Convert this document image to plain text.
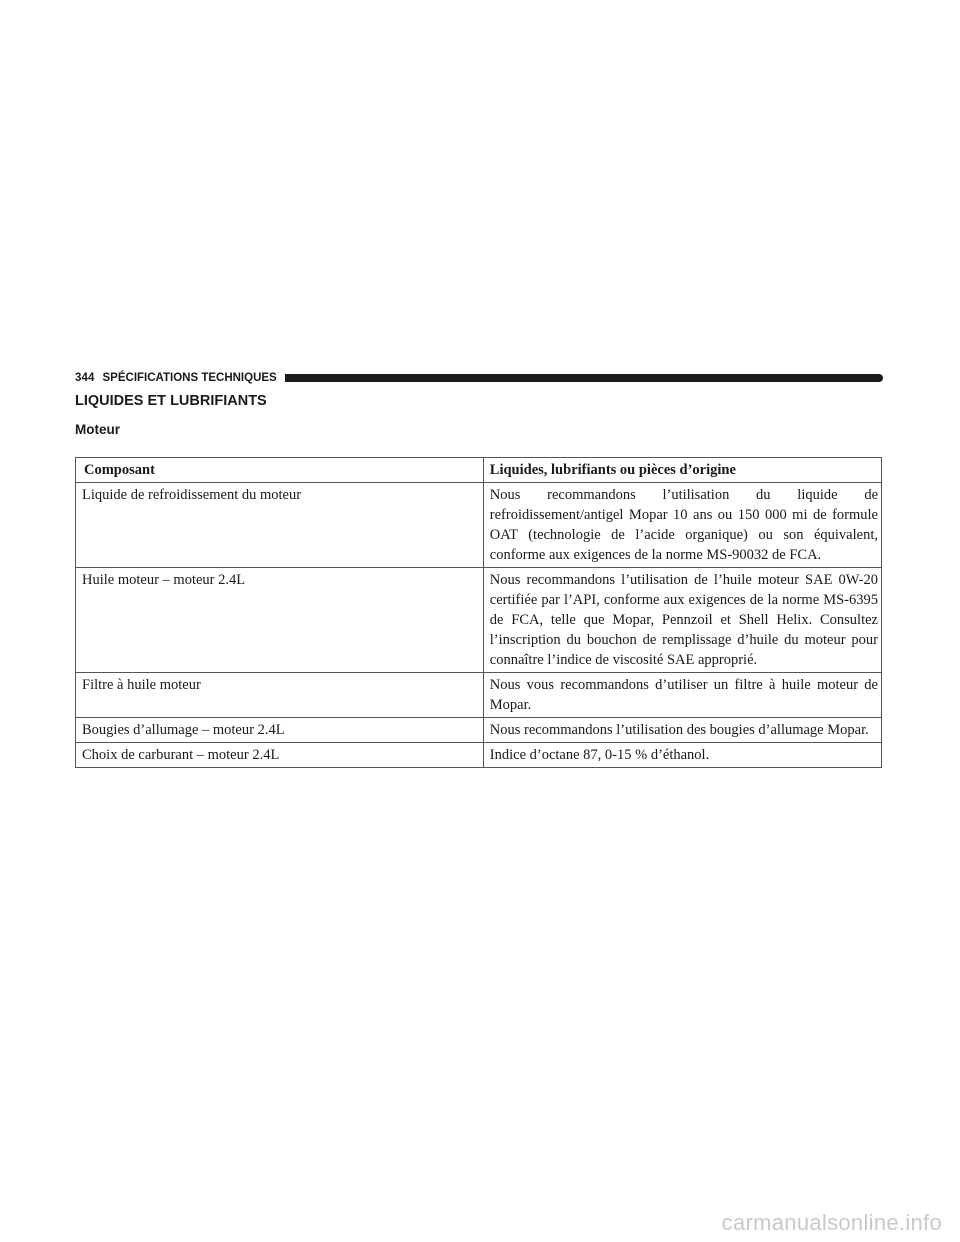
344 SPÉCIFICATIONS TECHNIQUES
LIQUIDES ET LUBRIFIANTS
Moteur
Composant	Liquides, lubrifiants ou pièces d’origine
Liquide de refroidissement du moteur	Nous recommandons l’utilisation du liquide de refroidissement/antigel Mopar 10 ans ou 150 000 mi de formule OAT (technologie de l’acide organique) ou son équivalent, conforme aux exigences de la norme MS-90032 de FCA.
Huile moteur – moteur 2.4L	Nous recommandons l’utilisation de l’huile moteur SAE 0W-20 certifiée par l’API, conforme aux exigences de la norme MS-6395 de FCA, telle que Mopar, Pennzoil et Shell Helix. Consultez l’inscription du bouchon de remplissage d’huile du moteur pour connaître l’indice de viscosité SAE approprié.
Filtre à huile moteur	Nous vous recommandons d’utiliser un filtre à huile moteur de Mopar.
Bougies d’allumage – moteur 2.4L	Nous recommandons l’utilisation des bougies d’allumage Mopar.
Choix de carburant – moteur 2.4L	Indice d’octane 87, 0-15 % d’éthanol.
carmanualsonline.info
